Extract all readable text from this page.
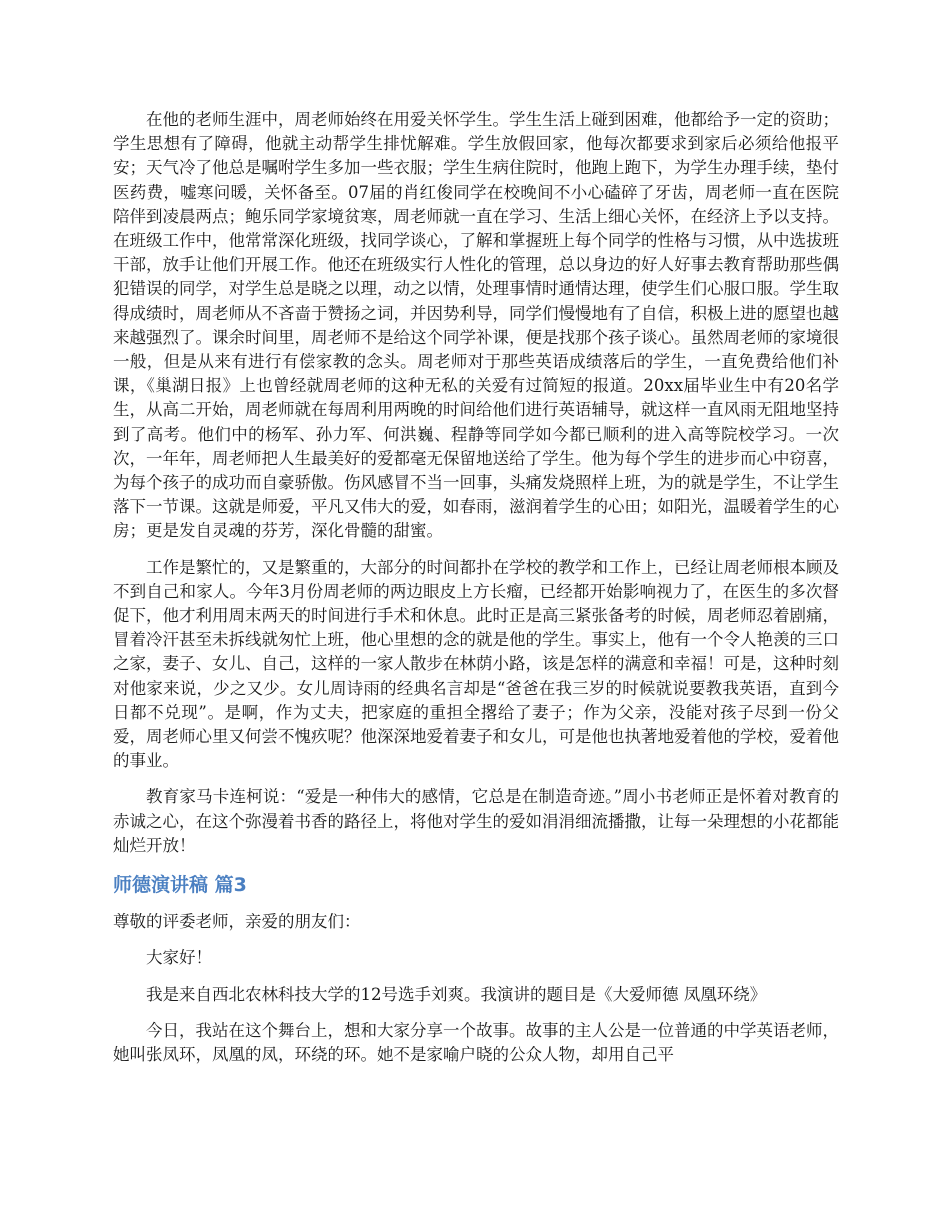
在他的老师生涯中，周老师始终在用爱关怀学生。学生生活上碰到困难，他都给予一定的资助；学生思想有了障碍，他就主动帮学生排忧解难。学生放假回家，他每次都要求到家后必须给他报平安；天气冷了他总是嘱咐学生多加一些衣服；学生生病住院时，他跑上跑下，为学生办理手续，垫付医药费，嘘寒问暖，关怀备至。07届的肖红俊同学在校晚间不小心磕碎了牙齿，周老师一直在医院陪伴到凌晨两点；鲍乐同学家境贫寒，周老师就一直在学习、生活上细心关怀，在经济上予以支持。在班级工作中，他常常深化班级，找同学谈心，了解和掌握班上每个同学的性格与习惯，从中选拔班干部，放手让他们开展工作。他还在班级实行人性化的管理，总以身边的好人好事去教育帮助那些偶犯错误的同学，对学生总是晓之以理，动之以情，处理事情时通情达理，使学生们心服口服。学生取得成绩时，周老师从不吝啬于赞扬之词，并因势利导，同学们慢慢地有了自信，积极上进的愿望也越来越强烈了。课余时间里，周老师不是给这个同学补课，便是找那个孩子谈心。虽然周老师的家境很一般，但是从来有进行有偿家教的念头。周老师对于那些英语成绩落后的学生，一直免费给他们补课，《巢湖日报》上也曾经就周老师的这种无私的关爱有过简短的报道。20xx届毕业生中有20名学生，从高二开始，周老师就在每周利用两晚的时间给他们进行英语辅导，就这样一直风雨无阻地坚持到了高考。他们中的杨军、孙力军、何洪巍、程静等同学如今都已顺利的进入高等院校学习。一次次，一年年，周老师把人生最美好的爱都毫无保留地送给了学生。他为每个学生的进步而心中窃喜，为每个孩子的成功而自豪骄傲。伤风感冒不当一回事，头痛发烧照样上班，为的就是学生，不让学生落下一节课。这就是师爱，平凡又伟大的爱，如春雨，滋润着学生的心田；如阳光，温暖着学生的心房；更是发自灵魂的芬芳，深化骨髓的甜蜜。

工作是繁忙的，又是繁重的，大部分的时间都扑在学校的教学和工作上，已经让周老师根本顾及不到自己和家人。今年3月份周老师的两边眼皮上方长瘤，已经都开始影响视力了，在医生的多次督促下，他才利用周末两天的时间进行手术和休息。此时正是高三紧张备考的时候，周老师忍着剧痛，冒着冷汗甚至未拆线就匆忙上班，他心里想的念的就是他的学生。事实上，他有一个令人艳羡的三口之家，妻子、女儿、自己，这样的一家人散步在林荫小路，该是怎样的满意和幸福！可是，这种时刻对他家来说，少之又少。女儿周诗雨的经典名言却是“爸爸在我三岁的时候就说要教我英语，直到今日都不兑现”。是啊，作为丈夫，把家庭的重担全撂给了妻子；作为父亲，没能对孩子尽到一份父爱，周老师心里又何尝不愧疚呢？他深深地爱着妻子和女儿，可是他也执著地爱着他的学校，爱着他的事业。

教育家马卡连柯说：“爱是一种伟大的感情，它总是在制造奇迹。”周小书老师正是怀着对教育的赤诚之心，在这个弥漫着书香的路径上，将他对学生的爱如涓涓细流播撒，让每一朵理想的小花都能灿烂开放！

师德演讲稿 篇3

尊敬的评委老师，亲爱的朋友们：

大家好！

我是来自西北农林科技大学的12号选手刘爽。我演讲的题目是《大爱师德 凤凰环绕》

今日，我站在这个舞台上，想和大家分享一个故事。故事的主人公是一位普通的中学英语老师，她叫张凤环，凤凰的凤，环绕的环。她不是家喻户晓的公众人物，却用自己平
